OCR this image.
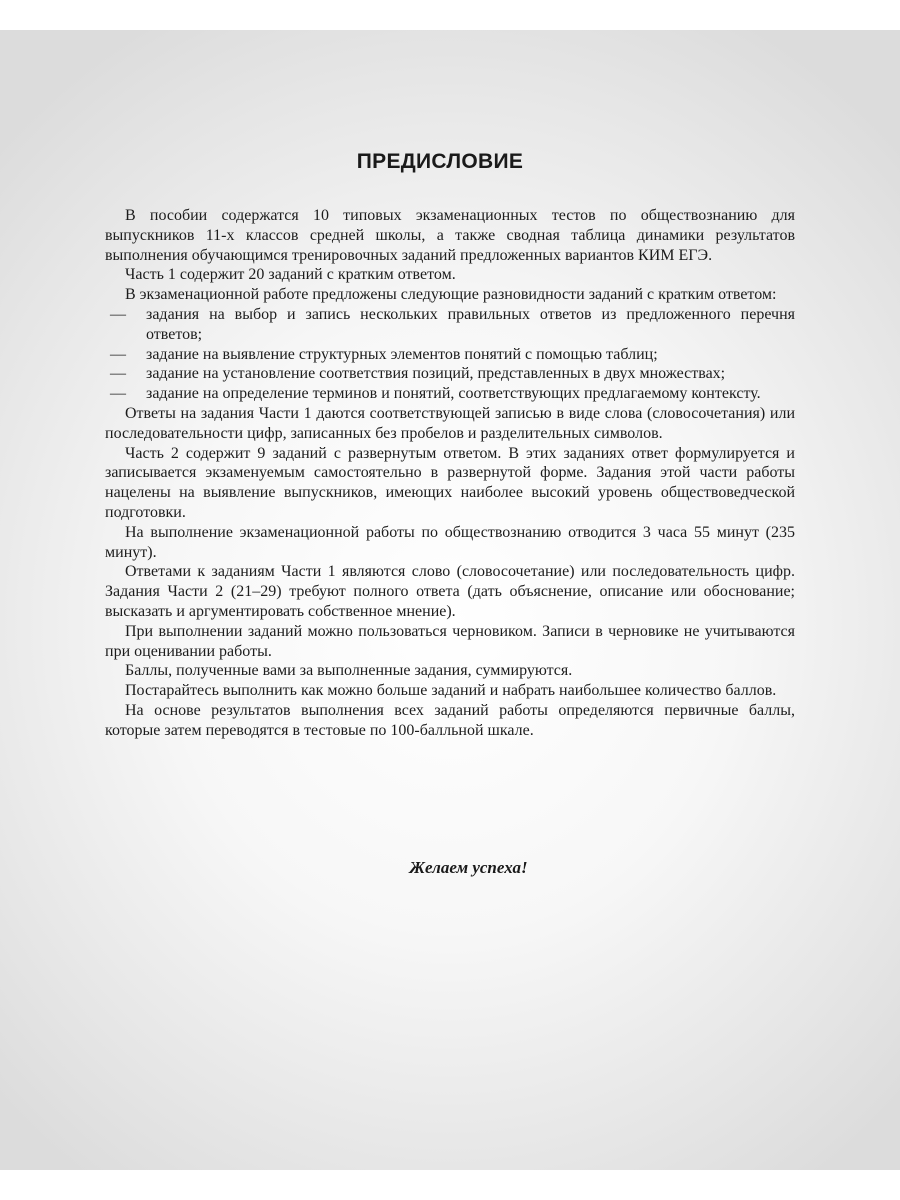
ПРЕДИСЛОВИЕ

В пособии содержатся 10 типовых экзаменационных тестов по обществознанию для выпускников 11-х классов средней школы, а также сводная таблица динамики результатов выполнения обучающимся тренировочных заданий предложенных вариантов КИМ ЕГЭ.

Часть 1 содержит 20 заданий с кратким ответом.

В экзаменационной работе предложены следующие разновидности заданий с кратким ответом:

— задания на выбор и запись нескольких правильных ответов из предложенного перечня ответов;
— задание на выявление структурных элементов понятий с помощью таблиц;
— задание на установление соответствия позиций, представленных в двух множествах;
— задание на определение терминов и понятий, соответствующих предлагаемому контексту.

Ответы на задания Части 1 даются соответствующей записью в виде слова (словосочетания) или последовательности цифр, записанных без пробелов и разделительных символов.

Часть 2 содержит 9 заданий с развернутым ответом. В этих заданиях ответ формулируется и записывается экзаменуемым самостоятельно в развернутой форме. Задания этой части работы нацелены на выявление выпускников, имеющих наиболее высокий уровень обществоведческой подготовки.

На выполнение экзаменационной работы по обществознанию отводится 3 часа 55 минут (235 минут).

Ответами к заданиям Части 1 являются слово (словосочетание) или последовательность цифр. Задания Части 2 (21–29) требуют полного ответа (дать объяснение, описание или обоснование; высказать и аргументировать собственное мнение).

При выполнении заданий можно пользоваться черновиком. Записи в черновике не учитываются при оценивании работы.

Баллы, полученные вами за выполненные задания, суммируются.

Постарайтесь выполнить как можно больше заданий и набрать наибольшее количество баллов.

На основе результатов выполнения всех заданий работы определяются первичные баллы, которые затем переводятся в тестовые по 100-балльной шкале.

Желаем успеха!
